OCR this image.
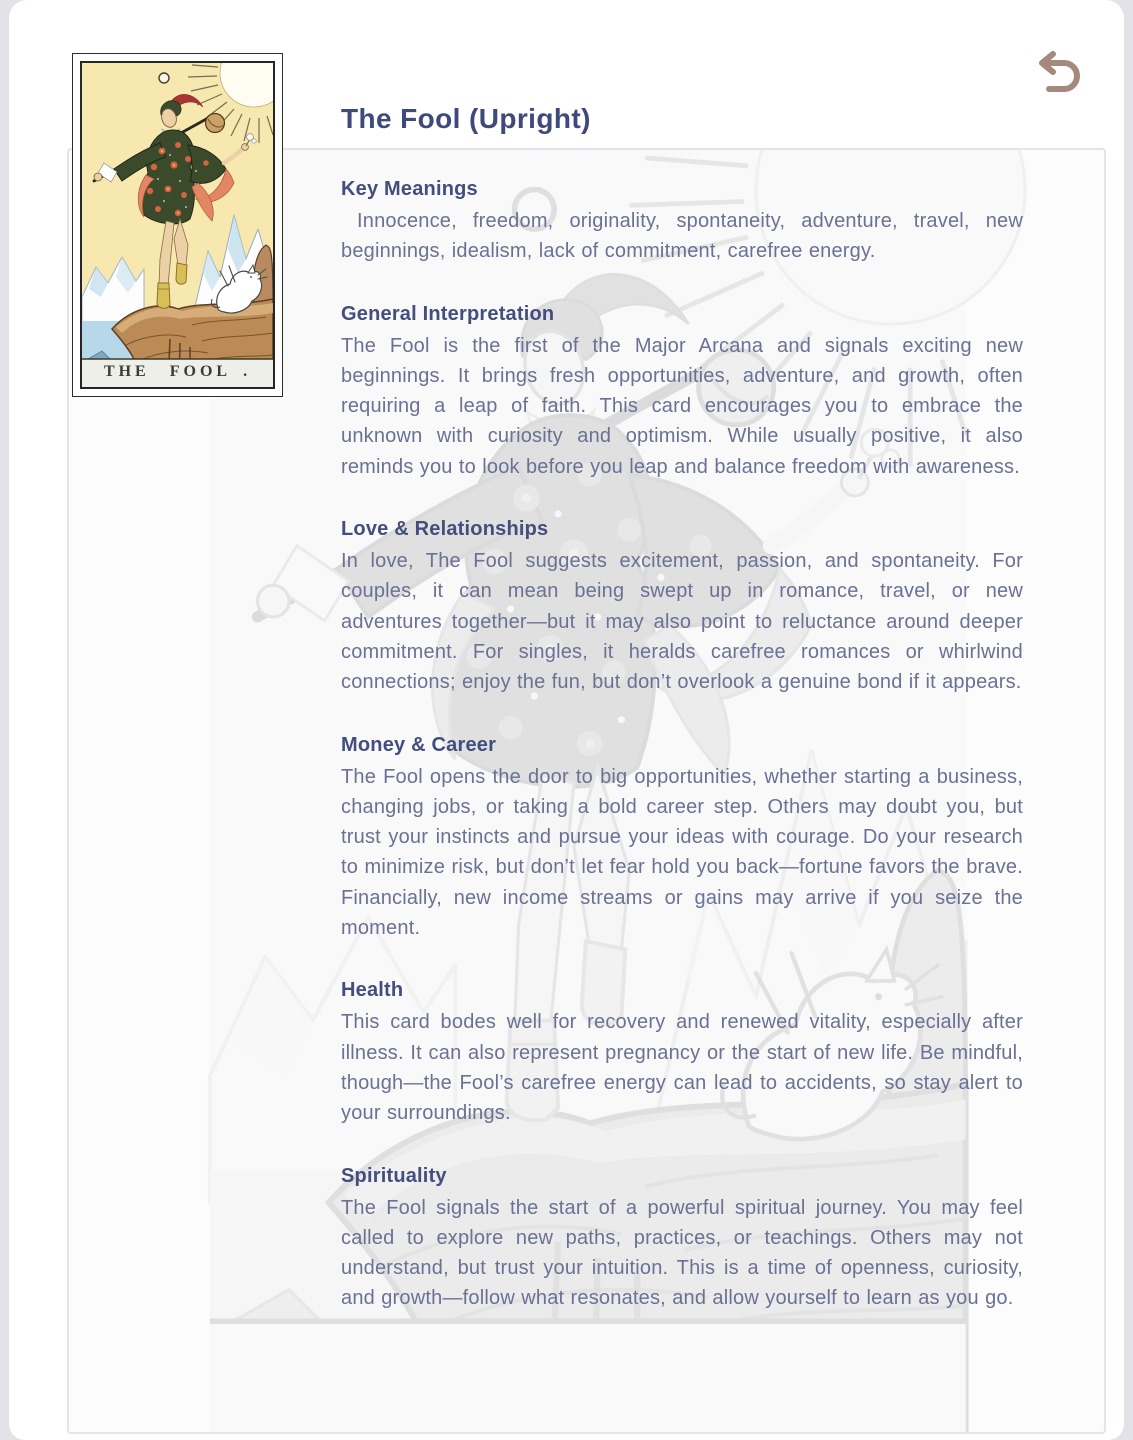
THE FOOL .
The Fool (Upright)
Key Meanings

Innocence, freedom, originality, spontaneity, adventure, travel, new beginnings, idealism, lack of commitment, carefree energy.

General Interpretation

The Fool is the first of the Major Arcana and signals exciting new beginnings. It brings fresh opportunities, adventure, and growth, often requiring a leap of faith. This card encourages you to embrace the unknown with curiosity and optimism. While usually positive, it also reminds you to look before you leap and balance freedom with awareness.

Love & Relationships

In love, The Fool suggests excitement, passion, and spontaneity. For couples, it can mean being swept up in romance, travel, or new adventures together—but it may also point to reluctance around deeper commitment. For singles, it heralds carefree romances or whirlwind connections; enjoy the fun, but don’t overlook a genuine bond if it appears.

Money & Career

The Fool opens the door to big opportunities, whether starting a business, changing jobs, or taking a bold career step. Others may doubt you, but trust your instincts and pursue your ideas with courage. Do your research to minimize risk, but don’t let fear hold you back—fortune favors the brave. Financially, new income streams or gains may arrive if you seize the moment.

Health

This card bodes well for recovery and renewed vitality, especially after illness. It can also represent pregnancy or the start of new life. Be mindful, though—the Fool’s carefree energy can lead to accidents, so stay alert to your surroundings.

Spirituality

The Fool signals the start of a powerful spiritual journey. You may feel called to explore new paths, practices, or teachings. Others may not understand, but trust your intuition. This is a time of openness, curiosity, and growth—follow what resonates, and allow yourself to learn as you go.
